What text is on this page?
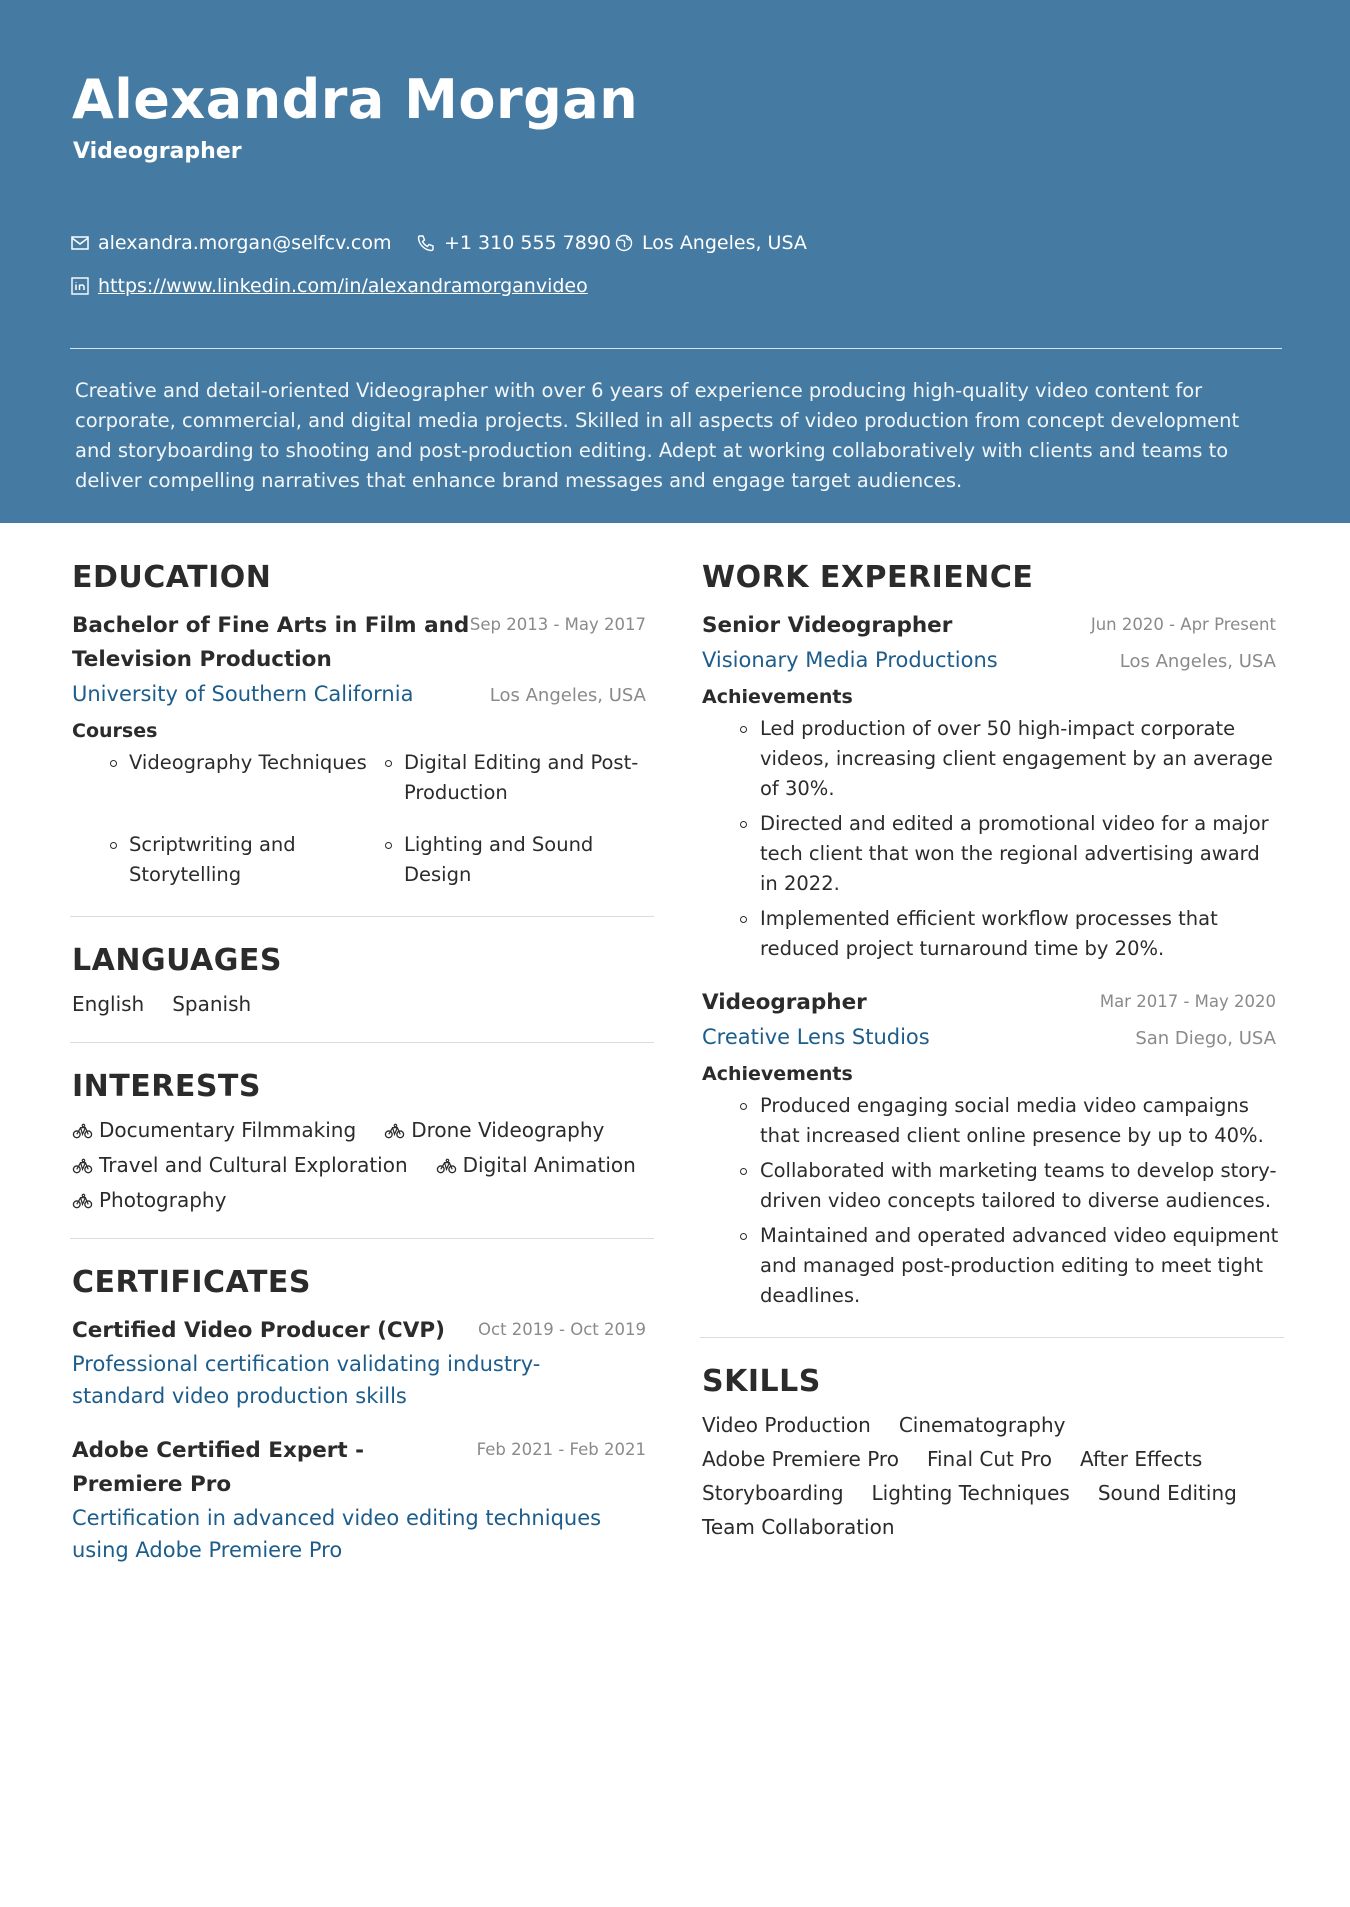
Alexandra Morgan
Videographer
alexandra.morgan@selfcv.com	+1 310 555 7890 Los Angeles, USA
https://www.linkedin.com/in/alexandramorganvideo
Creative and detail-oriented Videographer with over 6 years of experience producing high-quality video content for corporate, commercial, and digital media projects. Skilled in all aspects of video production from concept development and storyboarding to shooting and post-production editing. Adept at working collaboratively with clients and teams to deliver compelling narratives that enhance brand messages and engage target audiences.
EDUCATION
Bachelor of Fine Arts in Film and Television Production
Sep 2013 - May 2017
University of Southern California	Los Angeles, USA
Courses
Videography Techniques	Digital Editing and Post-Production
Scriptwriting and Storytelling
Lighting and Sound Design
LANGUAGES
English Spanish
INTERESTS
Documentary Filmmaking	Drone Videography
Travel and Cultural Exploration	Digital Animation
Photography
CERTIFICATES
Certified Video Producer (CVP)	Oct 2019 - Oct 2019
Professional certification validating industry-standard video production skills
Adobe Certified Expert - Premiere Pro
Feb 2021 - Feb 2021
Certification in advanced video editing techniques using Adobe Premiere Pro
WORK EXPERIENCE
Senior Videographer	Jun 2020 - Apr Present
Visionary Media Productions	Los Angeles, USA
Achievements
Led production of over 50 high-impact corporate videos, increasing client engagement by an average of 30%.
Directed and edited a promotional video for a major tech client that won the regional advertising award in 2022.
Implemented efficient workflow processes that reduced project turnaround time by 20%.
Videographer	Mar 2017 - May 2020
Creative Lens Studios	San Diego, USA
Achievements
Produced engaging social media video campaigns that increased client online presence by up to 40%.
Collaborated with marketing teams to develop story-driven video concepts tailored to diverse audiences.
Maintained and operated advanced video equipment and managed post-production editing to meet tight deadlines.
SKILLS
Video Production Cinematography
Adobe Premiere Pro Final Cut Pro After Effects
Storyboarding Lighting Techniques Sound Editing
Team Collaboration
